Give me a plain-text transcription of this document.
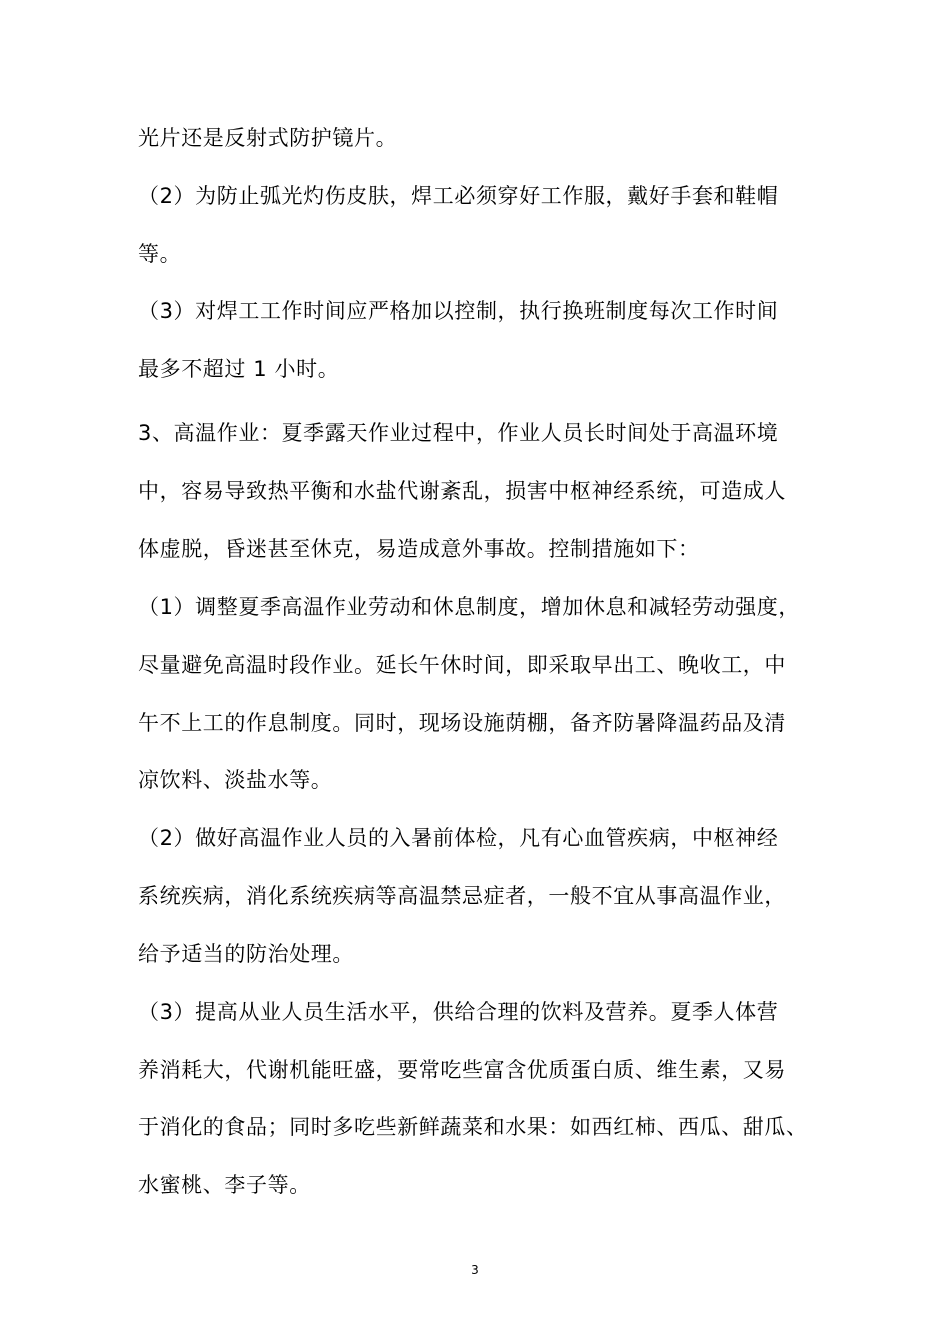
光片还是反射式防护镜片。
（2）为防止弧光灼伤皮肤，焊工必须穿好工作服，戴好手套和鞋帽
等。
（3）对焊工工作时间应严格加以控制，执行换班制度每次工作时间
最多不超过 1 小时。
3、高温作业：夏季露天作业过程中，作业人员长时间处于高温环境
中，容易导致热平衡和水盐代谢紊乱，损害中枢神经系统，可造成人
体虚脱，昏迷甚至休克，易造成意外事故。控制措施如下：
（1）调整夏季高温作业劳动和休息制度，增加休息和减轻劳动强度，
尽量避免高温时段作业。延长午休时间，即采取早出工、晚收工，中
午不上工的作息制度。同时，现场设施荫棚，备齐防暑降温药品及清
凉饮料、淡盐水等。
（2）做好高温作业人员的入暑前体检，凡有心血管疾病，中枢神经
系统疾病，消化系统疾病等高温禁忌症者，一般不宜从事高温作业，
给予适当的防治处理。
（3）提高从业人员生活水平，供给合理的饮料及营养。夏季人体营
养消耗大，代谢机能旺盛，要常吃些富含优质蛋白质、维生素，又易
于消化的食品；同时多吃些新鲜蔬菜和水果：如西红柿、西瓜、甜瓜、
水蜜桃、李子等。
3
